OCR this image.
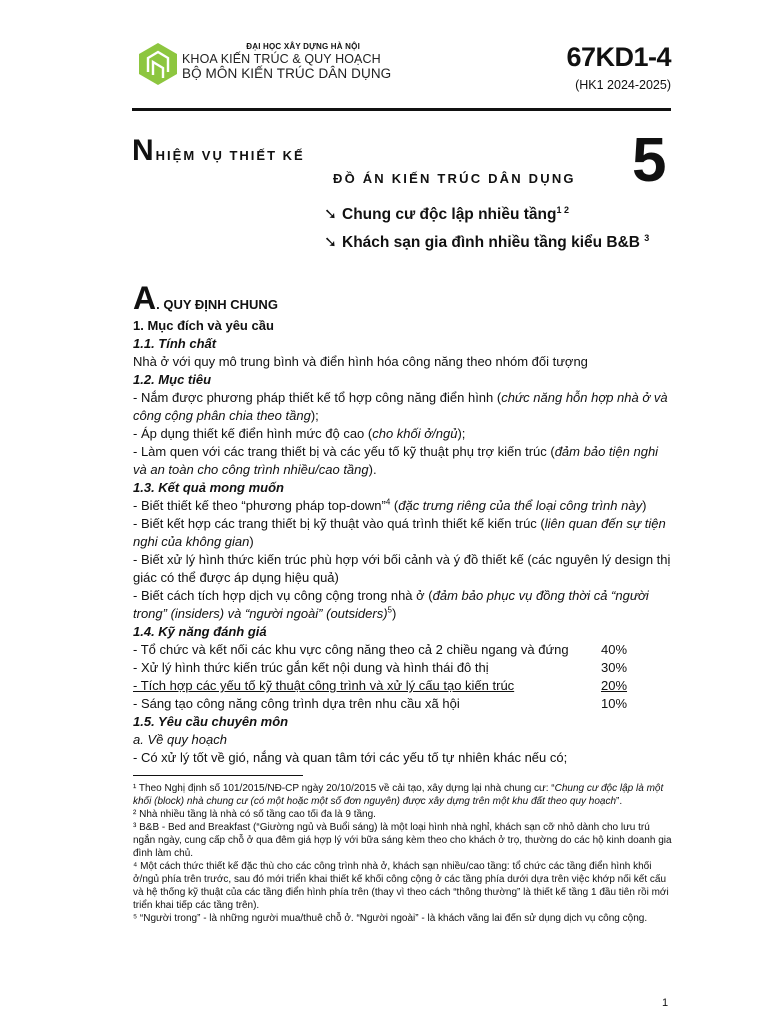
ĐẠI HỌC XÂY DỰNG HÀ NỘI
KHOA KIẾN TRÚC & QUY HOẠCH
BỘ MÔN KIẾN TRÚC DÂN DỤNG
67KD1-4
(HK1 2024-2025)
NHIỆM VỤ THIẾT KẾ
ĐỒ ÁN KIẾN TRÚC DÂN DỤNG 5
➘ Chung cư độc lập nhiều tầng$^{1 2}$
➘ Khách sạn gia đình nhiều tầng kiểu B&B $^3$
A. QUY ĐỊNH CHUNG

1. Mục đích và yêu cầu

1.1. Tính chất

Nhà ở với quy mô trung bình và điển hình hóa công năng theo nhóm đối tượng

1.2. Mục tiêu

- Nắm được phương pháp thiết kế tổ hợp công năng điển hình (chức năng hỗn hợp nhà ở và công cộng phân chia theo tầng);

- Áp dụng thiết kế điển hình mức độ cao (cho khối ở/ngủ);

- Làm quen với các trang thiết bị và các yếu tố kỹ thuật phụ trợ kiến trúc (đảm bảo tiện nghi và an toàn cho công trình nhiều/cao tầng).

1.3. Kết quả mong muốn

- Biết thiết kế theo “phương pháp top-down”$^4$ (đặc trưng riêng của thể loại công trình này)

- Biết kết hợp các trang thiết bị kỹ thuật vào quá trình thiết kế kiến trúc (liên quan đến sự tiện nghi của không gian)

- Biết xử lý hình thức kiến trúc phù hợp với bối cảnh và ý đồ thiết kế (các nguyên lý design thị giác có thể được áp dụng hiệu quả)

- Biết cách tích hợp dịch vụ công cộng trong nhà ở (đảm bảo phục vụ đồng thời cả “người trong” (insiders) và “người ngoài” (outsiders)$^5$)

1.4. Kỹ năng đánh giá

- Tổ chức và kết nối các khu vực công năng theo cả 2 chiều ngang và đứng	40%
- Xử lý hình thức kiến trúc gắn kết nội dung và hình thái đô thị	30%
- Tích hợp các yếu tố kỹ thuật công trình và xử lý cấu tạo kiến trúc	20%
- Sáng tạo công năng công trình dựa trên nhu cầu xã hội	10%

1.5. Yêu cầu chuyên môn

a. Về quy hoạch

- Có xử lý tốt về gió, nắng và quan tâm tới các yếu tố tự nhiên khác nếu có;

¹ Theo Nghị định số 101/2015/NĐ-CP ngày 20/10/2015 về cải tạo, xây dựng lại nhà chung cư: “Chung cư độc lập là một khối (block) nhà chung cư (có một hoặc một số đơn nguyên) được xây dựng trên một khu đất theo quy hoạch”.

² Nhà nhiều tầng là nhà có số tầng cao tối đa là 9 tầng.

³ B&B - Bed and Breakfast (“Giường ngủ và Buổi sáng) là một loại hình nhà nghỉ, khách sạn cỡ nhỏ dành cho lưu trú ngắn ngày, cung cấp chỗ ở qua đêm giá hợp lý với bữa sáng kèm theo cho khách ở trọ, thường do các hộ kinh doanh gia đình làm chủ.

⁴ Một cách thức thiết kế đặc thù cho các công trình nhà ở, khách sạn nhiều/cao tầng: tổ chức các tầng điển hình khối ở/ngủ phía trên trước, sau đó mới triển khai thiết kế khối công cộng ở các tầng phía dưới dựa trên việc khớp nối kết cấu và hệ thống kỹ thuật của các tầng điển hình phía trên (thay vì theo cách “thông thường” là thiết kế tầng 1 đầu tiên rồi mới triển khai tiếp các tầng trên).

⁵ “Người trong” - là những người mua/thuê chỗ ở. “Người ngoài” - là khách vãng lai đến sử dụng dịch vụ công cộng.

1
